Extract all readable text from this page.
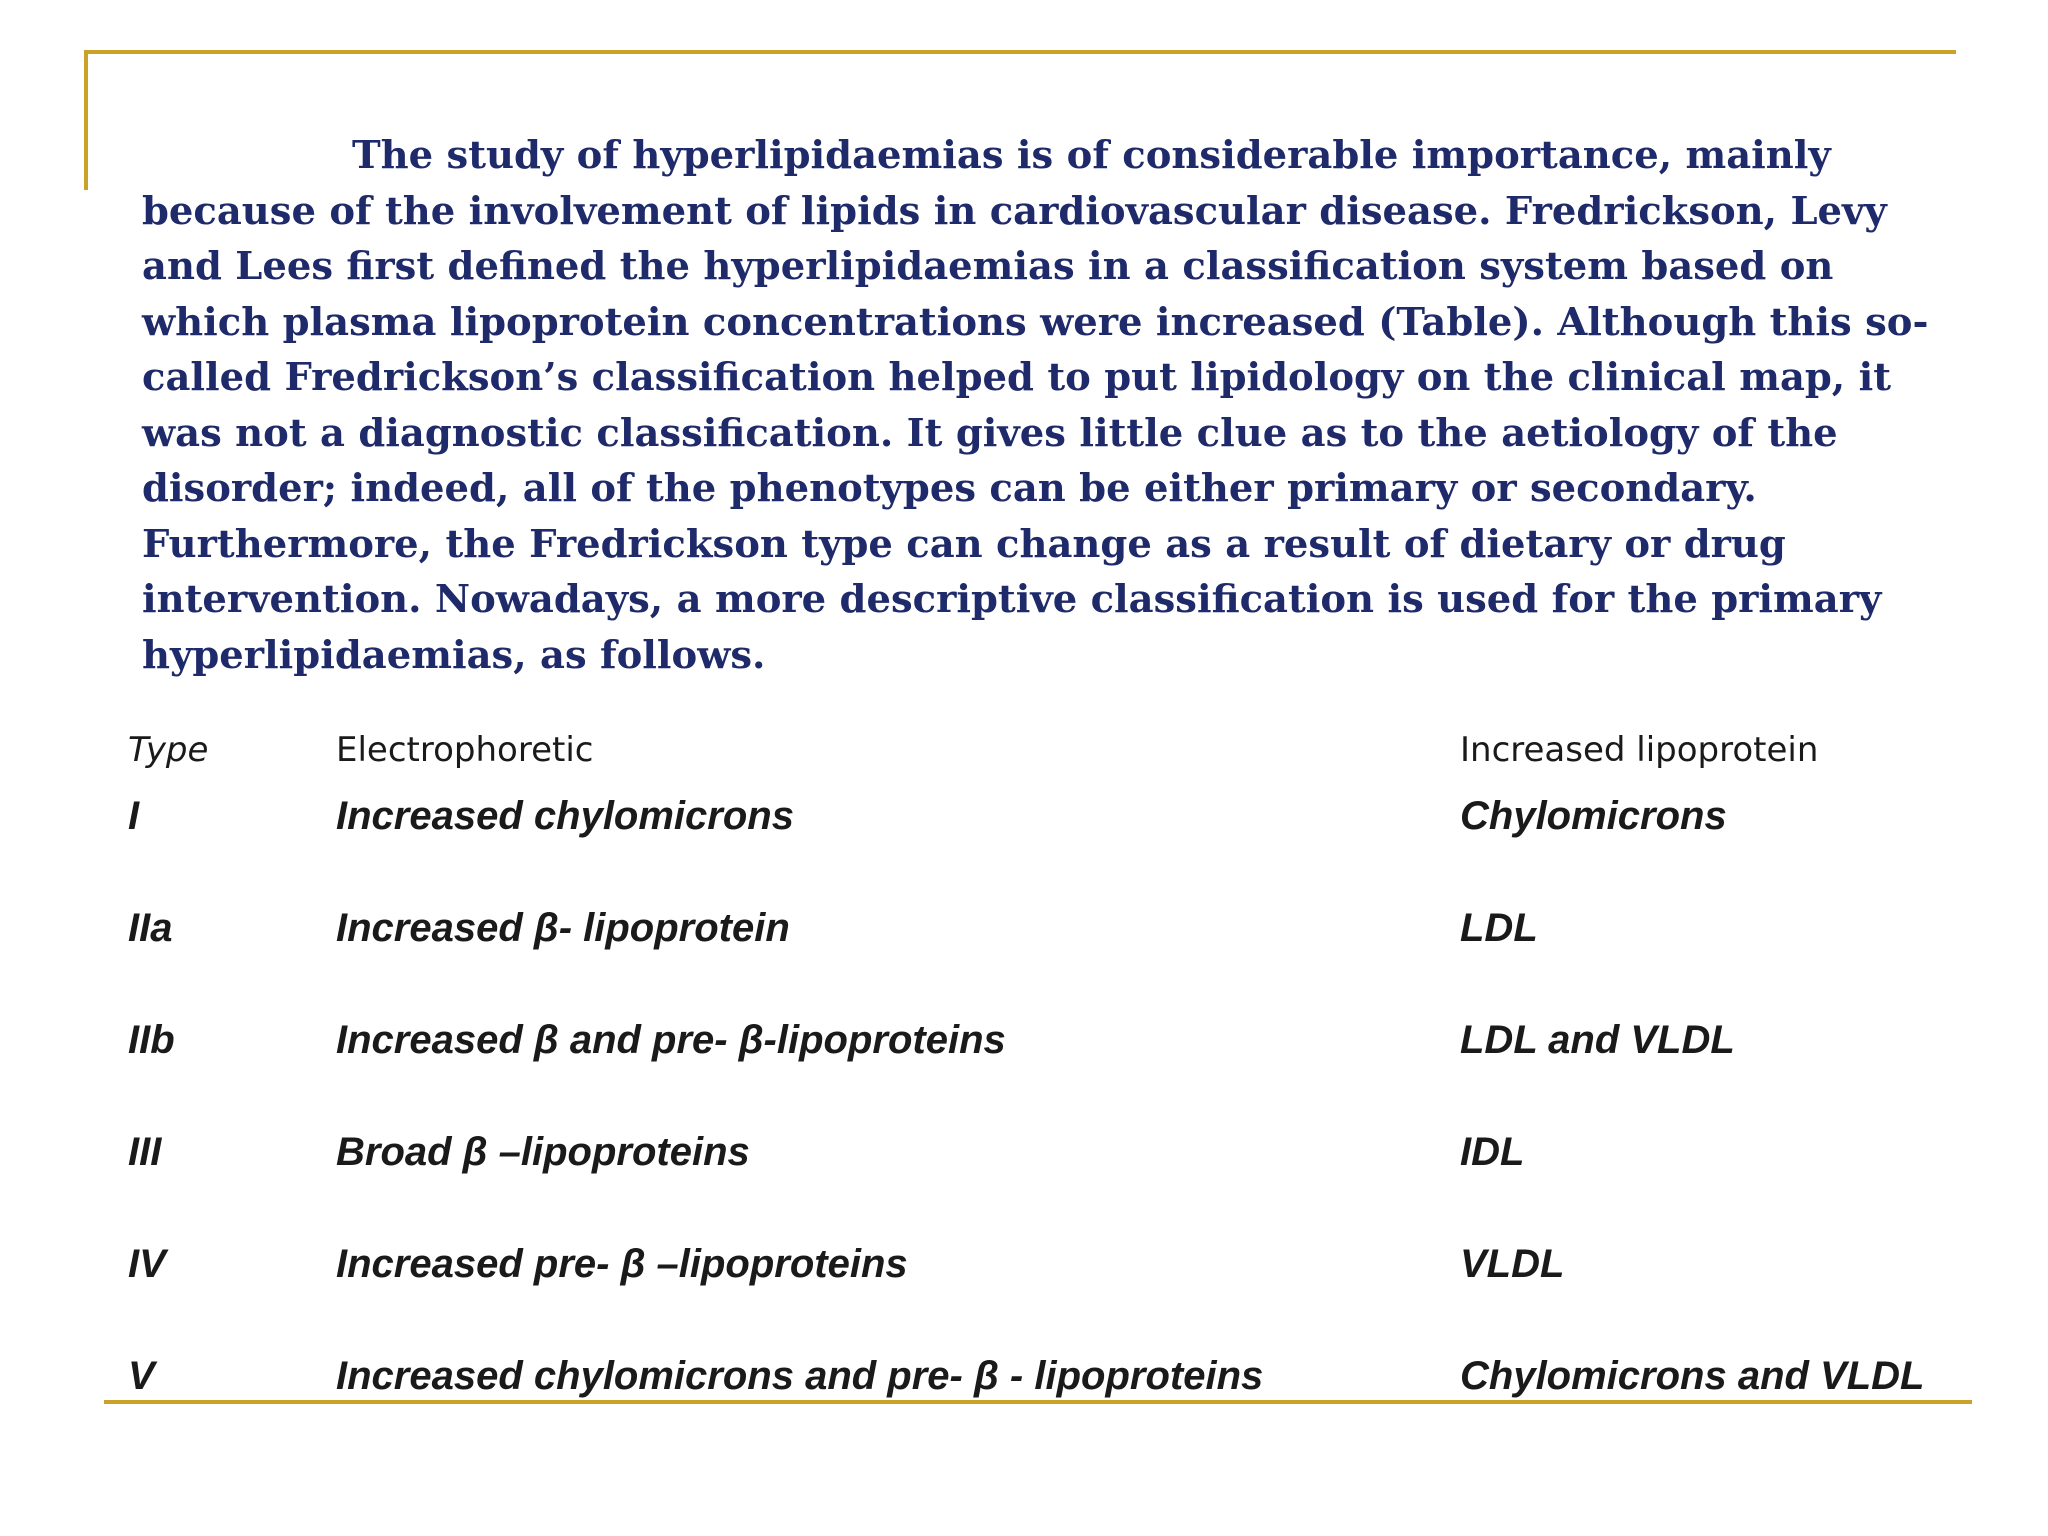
The study of hyperlipidaemias is of considerable importance, mainly because of the involvement of lipids in cardiovascular disease. Fredrickson, Levy and Lees first defined the hyperlipidaemias in a classification system based on which plasma lipoprotein concentrations were increased (Table). Although this so-called Fredrickson’s classification helped to put lipidology on the clinical map, it was not a diagnostic classification. It gives little clue as to the aetiology of the disorder; indeed, all of the phenotypes can be either primary or secondary. Furthermore, the Fredrickson type can change as a result of dietary or drug intervention. Nowadays, a more descriptive classification is used for the primary hyperlipidaemias, as follows.

Type	Electrophoretic	Increased lipoprotein
I	Increased chylomicrons	Chylomicrons
IIa	Increased β- lipoprotein	LDL
IIb	Increased β and pre- β-lipoproteins	LDL and VLDL
III	Broad β –lipoproteins	IDL
IV	Increased pre- β –lipoproteins	VLDL
V	Increased chylomicrons and pre- β - lipoproteins	Chylomicrons and VLDL
